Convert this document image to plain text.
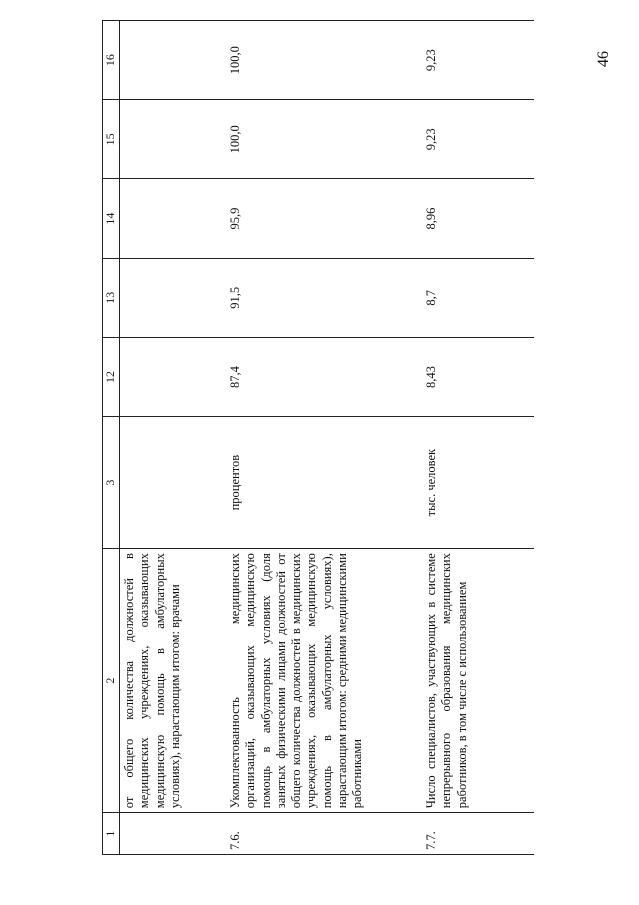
46
1	2	3	12	13	14	15	16
	от общего количества должностей в медицинских учреждениях, оказывающих медицинскую помощь в амбулаторных условиях), нарастающим итогом: врачами						
7.6.	Укомплектованность медицинских организаций, оказывающих медицинскую помощь в амбулаторных условиях (доля занятых физическими лицами должностей от общего количества должностей в медицинских учреждениях, оказывающих медицинскую помощь в амбулаторных условиях), нарастающим итогом: средними медицинскими работниками	процентов	87,4	91,5	95,9	100,0	100,0
7.7.	Число специалистов, участвующих в системе непрерывного образования медицинских работников, в том числе с использованием	тыс. человек	8,43	8,7	8,96	9,23	9,23
